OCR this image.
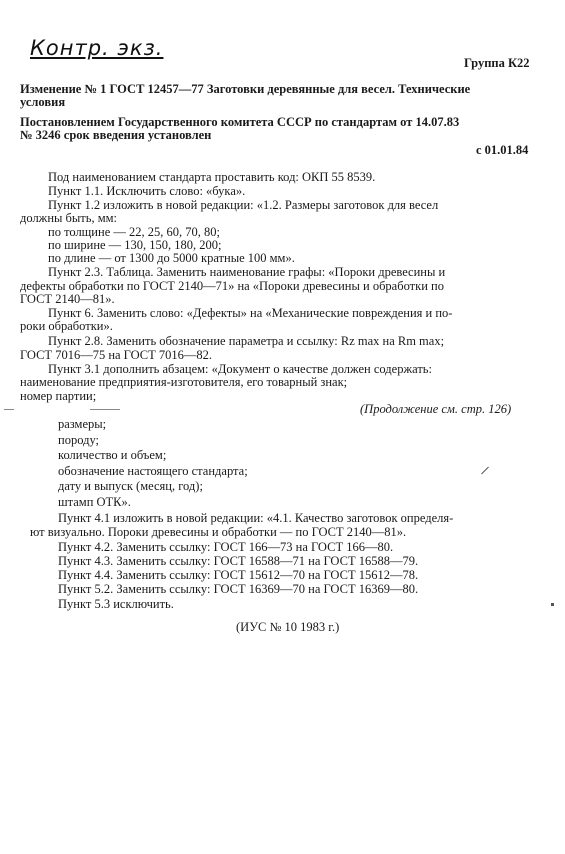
Контр. экз.
Группа К22
Изменение № 1 ГОСТ 12457—77 Заготовки деревянные для весел. Технические
условия
Постановлением Государственного комитета СССР по стандартам от 14.07.83
№ 3246 срок введения установлен
с 01.01.84
Под наименованием стандарта проставить код: ОКП 55 8539.
Пункт 1.1. Исключить слово: «бука».
Пункт 1.2 изложить в новой редакции: «1.2. Размеры заготовок для весел
должны быть, мм:
по толщине — 22, 25, 60, 70, 80;
по ширине — 130, 150, 180, 200;
по длине — от 1300 до 5000 кратные 100 мм».
Пункт 2.3. Таблица. Заменить наименование графы: «Пороки древесины и
дефекты обработки по ГОСТ 2140—71» на «Пороки древесины и обработки по
ГОСТ 2140—81».
Пункт 6. Заменить слово: «Дефекты» на «Механические повреждения и по-
роки обработки».
Пункт 2.8. Заменить обозначение параметра и ссылку: Rz max на Rm max;
ГОСТ 7016—75 на ГОСТ 7016—82.
Пункт 3.1 дополнить абзацем: «Документ о качестве должен содержать:
наименование предприятия-изготовителя, его товарный знак;
номер партии;
(Продолжение см. стр. 126)
размеры;
породу;
количество и объем;
обозначение настоящего стандарта;
дату и выпуск (месяц, год);
штамп ОТК».
Пункт 4.1 изложить в новой редакции: «4.1. Качество заготовок определя-
ют визуально. Пороки древесины и обработки — по ГОСТ 2140—81».
Пункт 4.2. Заменить ссылку: ГОСТ 166—73 на ГОСТ 166—80.
Пункт 4.3. Заменить ссылку: ГОСТ 16588—71 на ГОСТ 16588—79.
Пункт 4.4. Заменить ссылку: ГОСТ 15612—70 на ГОСТ 15612—78.
Пункт 5.2. Заменить ссылку: ГОСТ 16369—70 на ГОСТ 16369—80.
Пункт 5.3 исключить.
(ИУС № 10 1983 г.)
